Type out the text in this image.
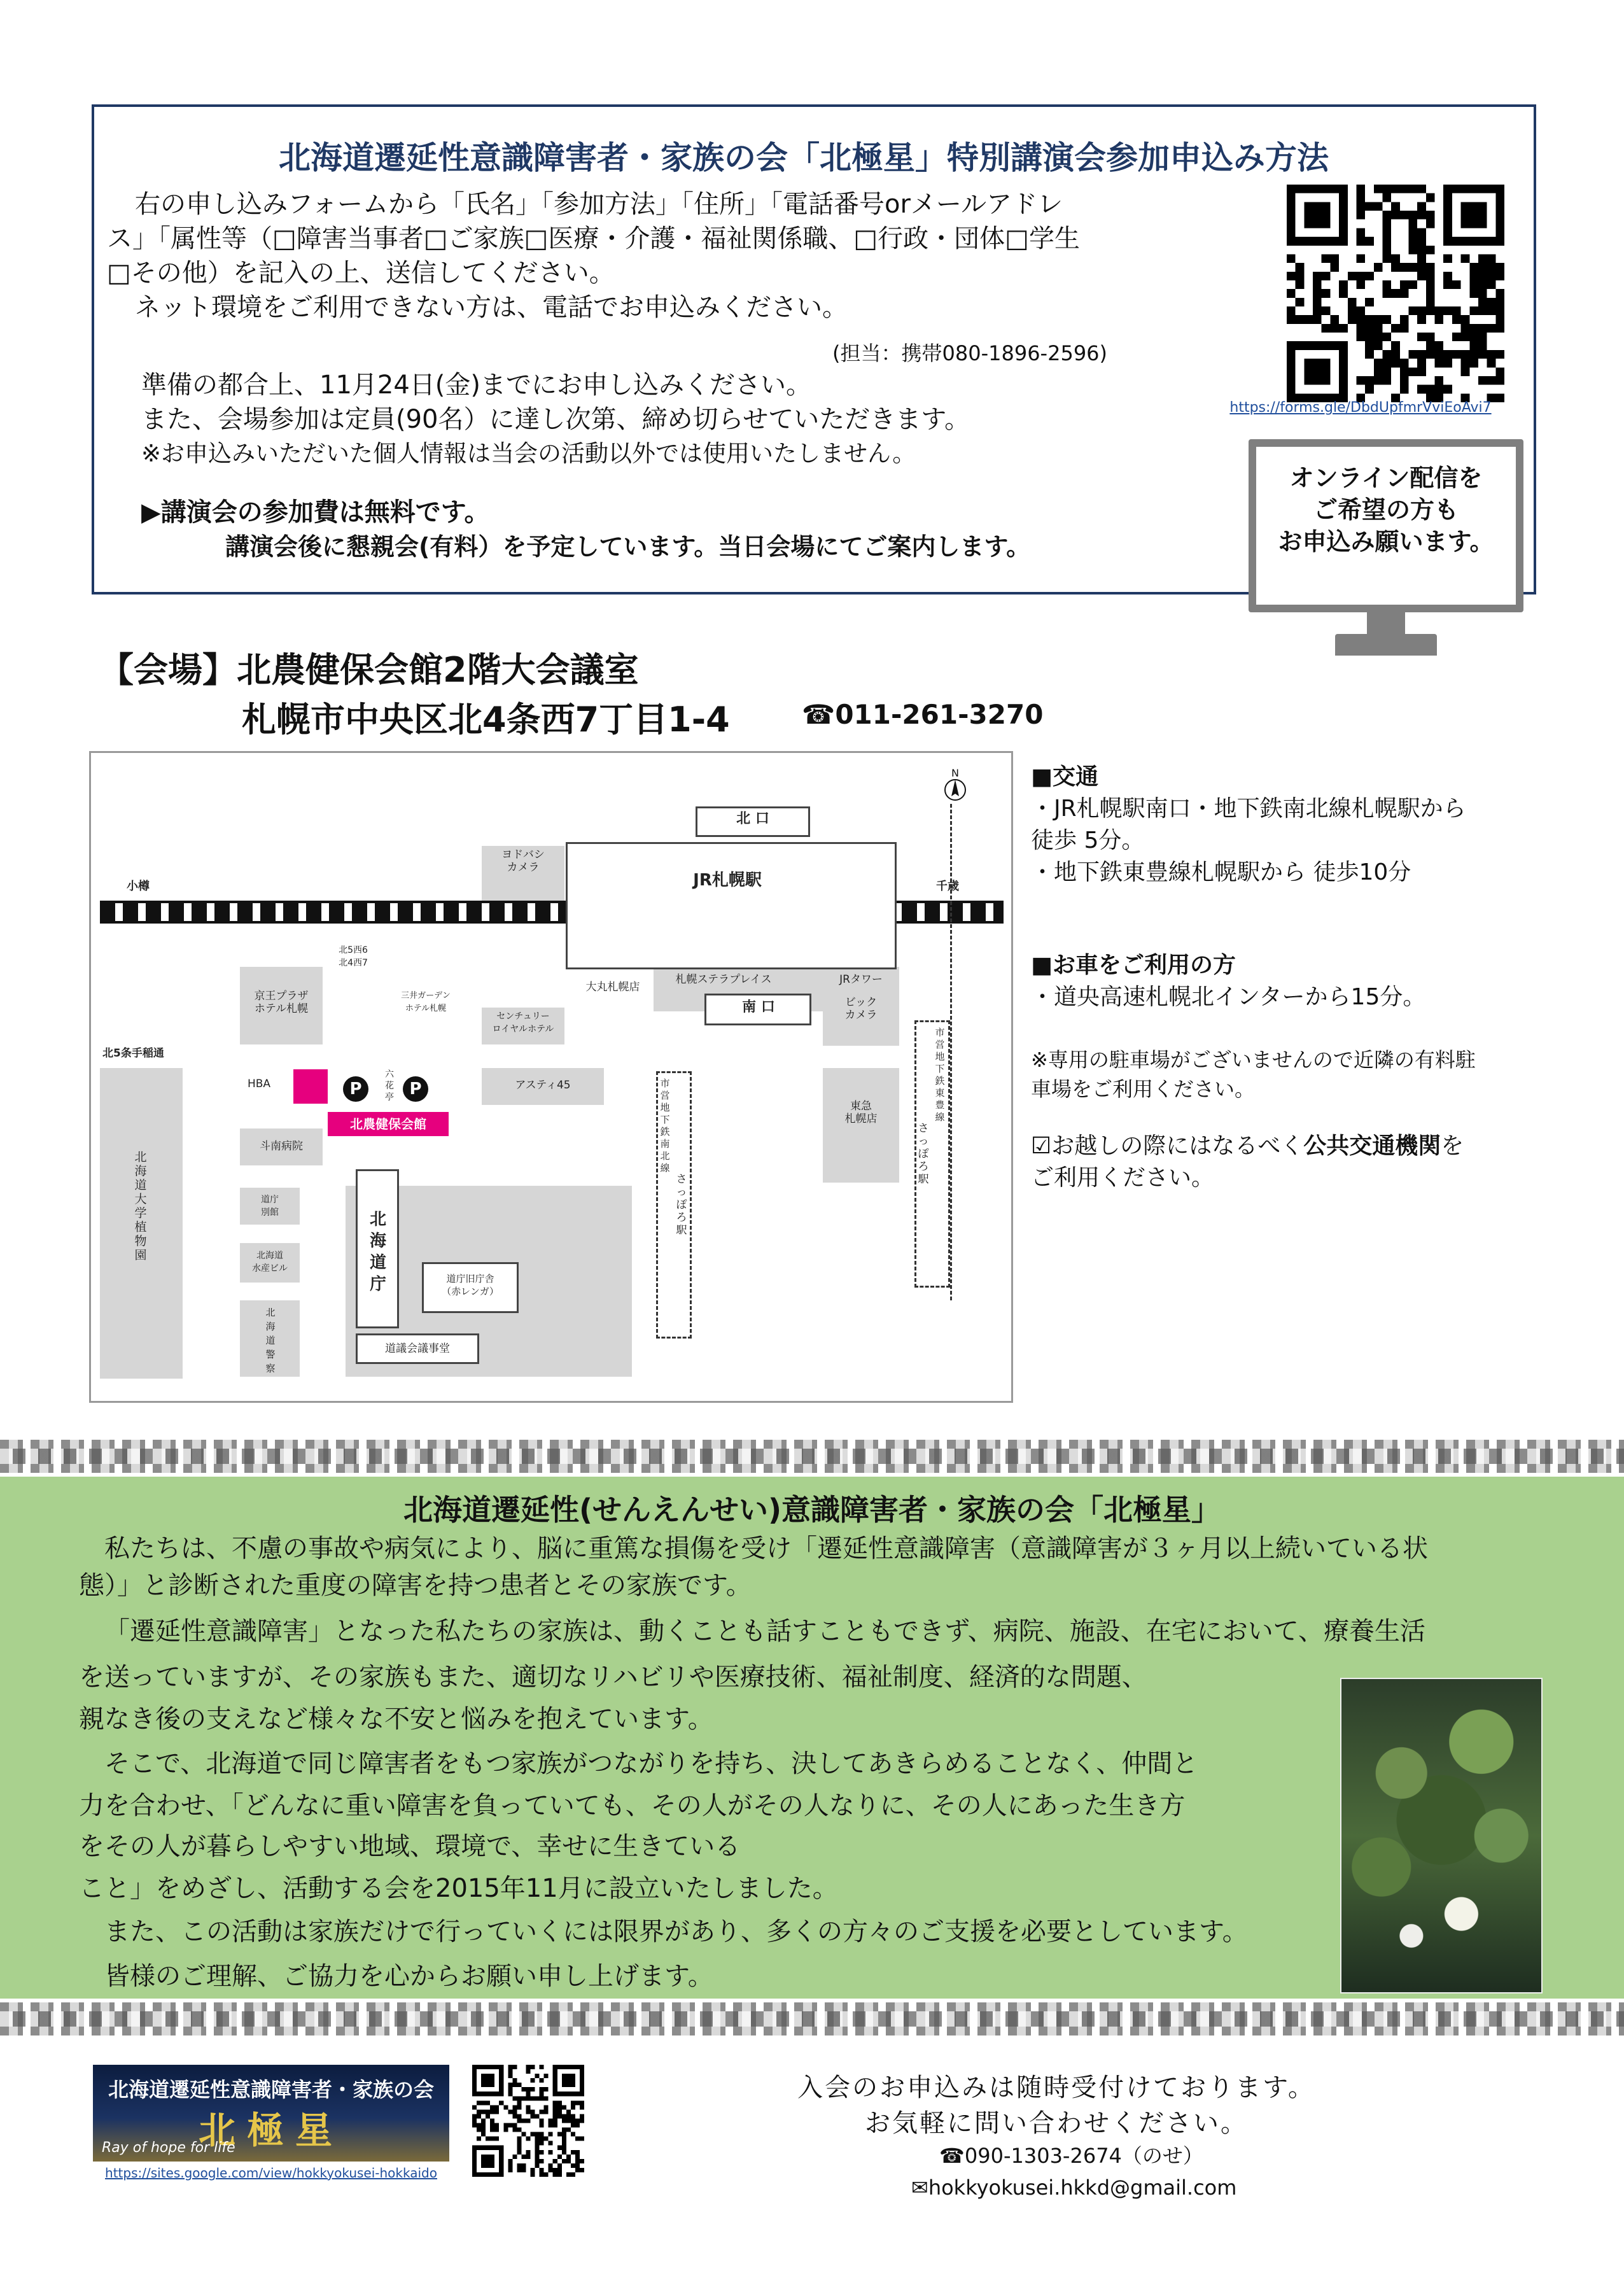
北海道遷延性意識障害者・家族の会「北極星」特別講演会参加申込み方法
右の申し込みフォームから「氏名」「参加方法」「住所」「電話番号orメールアドレ
ス」「属性等（□障害当事者□ご家族□医療・介護・福祉関係職、□行政・団体□学生
□その他）を記入の上、送信してください。
ネット環境をご利用できない方は、電話でお申込みください。
(担当：携帯080-1896-2596)
準備の都合上、11月24日(金)までにお申し込みください。
また、会場参加は定員(90名）に達し次第、締め切らせていただきます。
※お申込みいただいた個人情報は当会の活動以外では使用いたしません。
▶講演会の参加費は無料です。
講演会後に懇親会(有料）を予定しています。当日会場にてご案内します。
https://forms.gle/DbdUpfmrVviEoAvi7
オンライン配信を
ご希望の方も
お申込み願います。
【会場】北農健保会館2階大会議室
札幌市中央区北4条西7丁目1-4	☎011-261-3270
北農健保会館
P	P
N
北 口
南 口
JR札幌駅
小樽	千歳
ヨドバシ
カメラ
京王プラザ
ホテル札幌
北5西6
北4西7
三井ガーデン
ホテル札幌
センチュリー
ロイヤルホテル
大丸札幌店
札幌ステラプレイス	JRタワー
ビック
カメラ
北5条手稲通
HBA
六
花
亭
アスティ45
斗南病院
道庁
別館
北海道
水産ビル
北海道大学植物園
北海道警察
北海道庁	道庁旧庁舎
（赤レンガ）
道議会議事堂
市営地下鉄南北線
さっぽろ駅
市営地下鉄東豊線
さっぽろ駅
東急
札幌店
■交通
・JR札幌駅南口・地下鉄南北線札幌駅から
徒歩 5分。
・地下鉄東豊線札幌駅から 徒歩10分
■お車をご利用の方
・道央高速札幌北インターから15分。
※専用の駐車場がございませんので近隣の有料駐
車場をご利用ください。
☑お越しの際にはなるべく公共交通機関を
ご利用ください。
北海道遷延性(せんえんせい)意識障害者・家族の会「北極星」
私たちは、不慮の事故や病気により、脳に重篤な損傷を受け「遷延性意識障害（意識障害が３ヶ月以上続いている状
態）」と診断された重度の障害を持つ患者とその家族です。
「遷延性意識障害」となった私たちの家族は、動くことも話すこともできず、病院、施設、在宅において、療養生活
を送っていますが、その家族もまた、適切なリハビリや医療技術、福祉制度、経済的な問題、
親なき後の支えなど様々な不安と悩みを抱えています。
そこで、北海道で同じ障害者をもつ家族がつながりを持ち、決してあきらめることなく、仲間と
力を合わせ、「どんなに重い障害を負っていても、その人がその人なりに、その人にあった生き方
をその人が暮らしやすい地域、環境で、幸せに生きている
こと」をめざし、活動する会を2015年11月に設立いたしました。
また、この活動は家族だけで行っていくには限界があり、多くの方々のご支援を必要としています。
皆様のご理解、ご協力を心からお願い申し上げます。
北海道遷延性意識障害者・家族の会
北極星
Ray of hope for life
https://sites.google.com/view/hokkyokusei-hokkaido
入会のお申込みは随時受付けております。
お気軽に問い合わせください。
☎090-1303-2674（のせ）
✉hokkyokusei.hkkd@gmail.com
